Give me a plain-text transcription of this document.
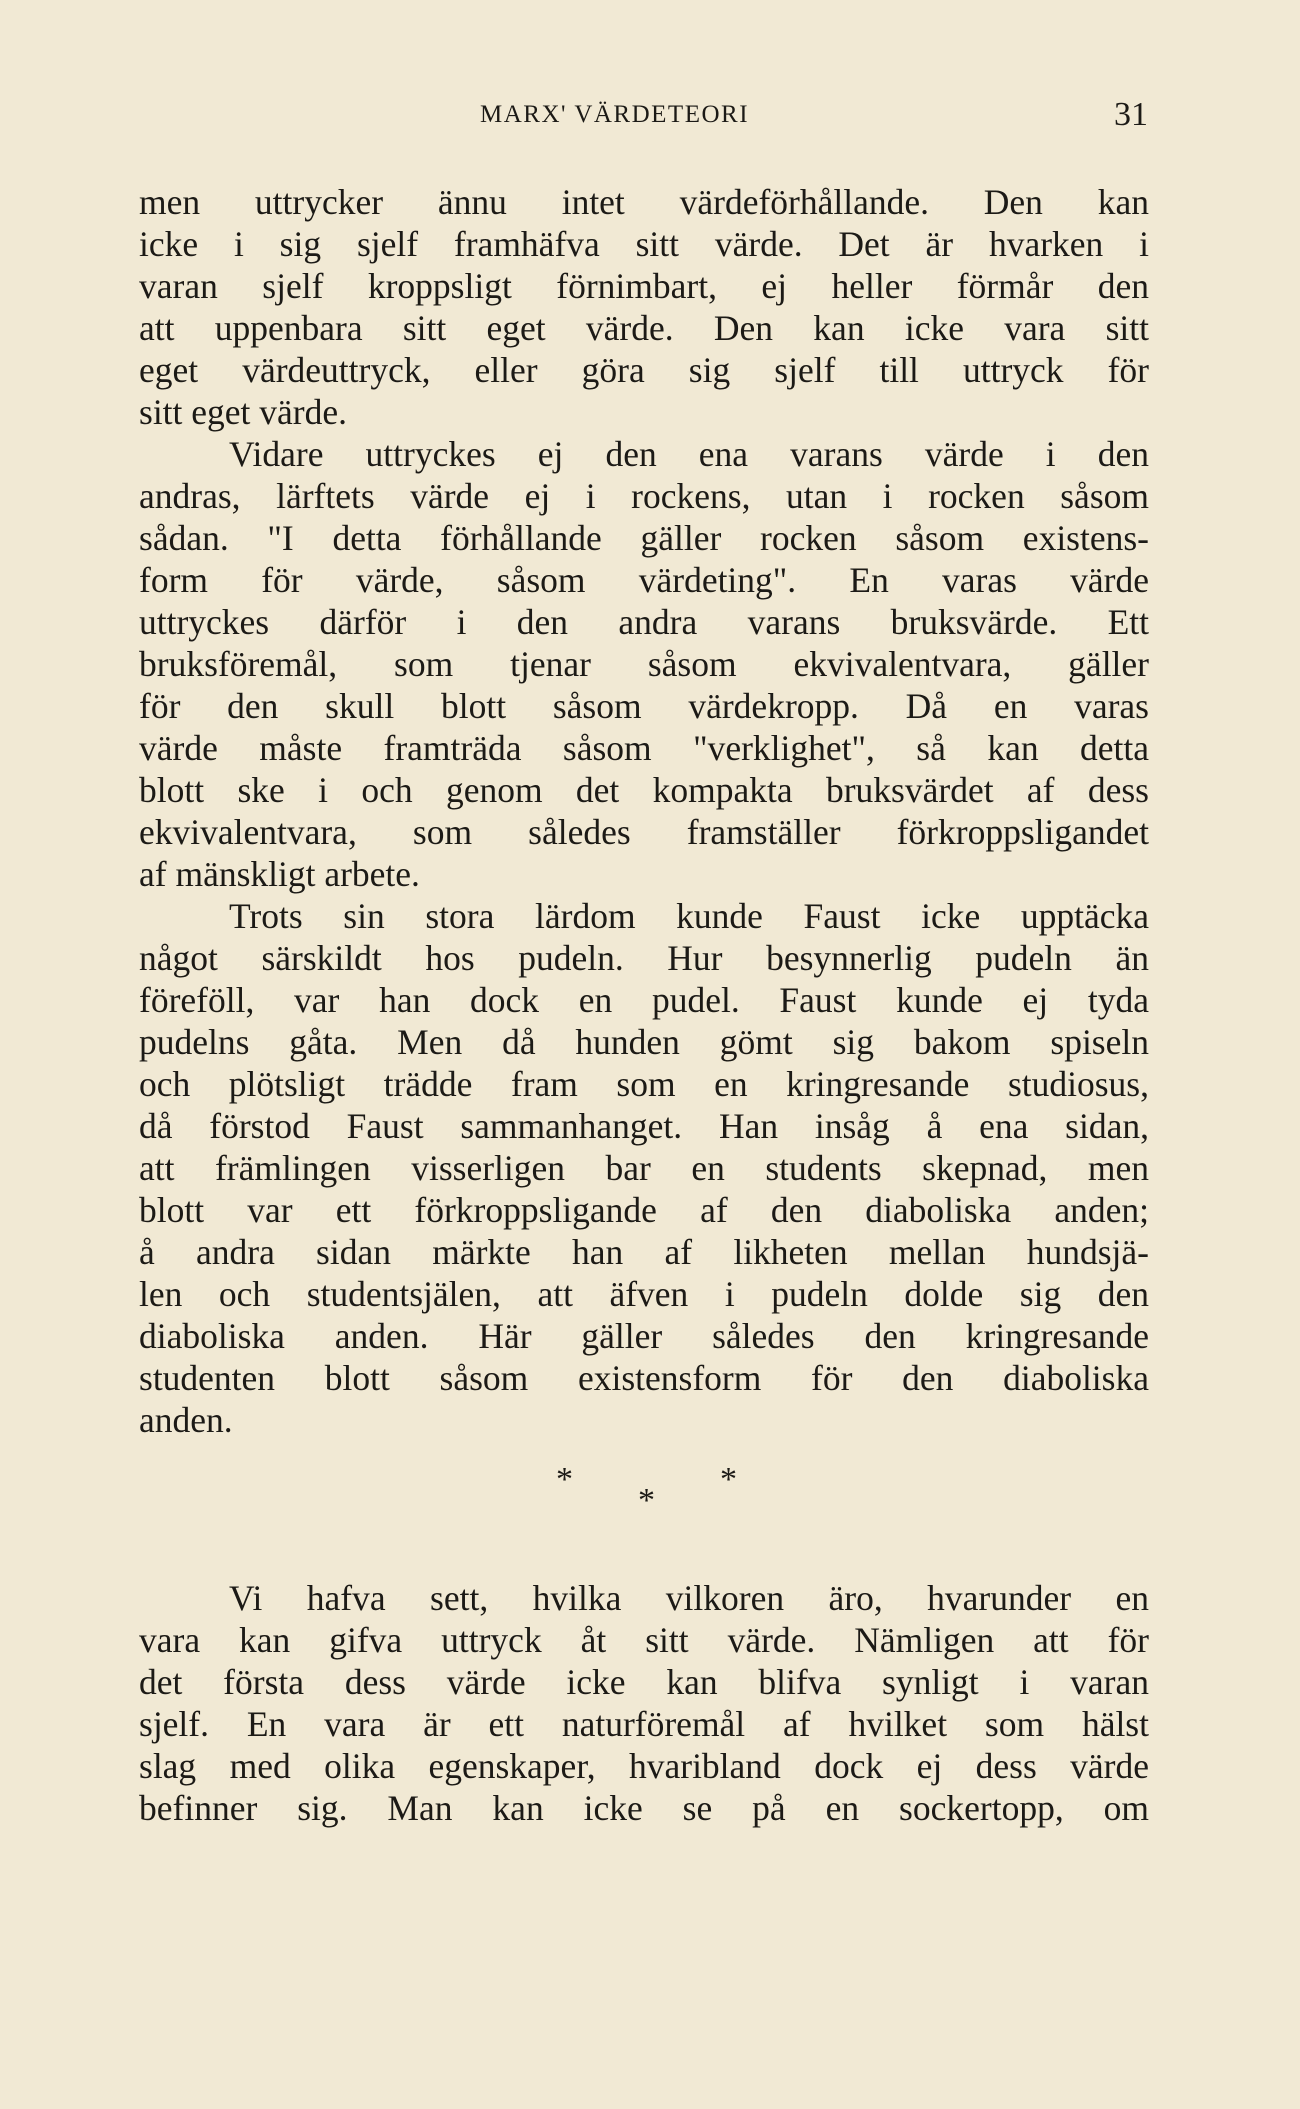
MARX' VÄRDETEORI	31
men uttrycker ännu intet värdeförhållande. Den kan
icke i sig sjelf framhäfva sitt värde. Det är hvarken i
varan sjelf kroppsligt förnimbart, ej heller förmår den
att uppenbara sitt eget värde. Den kan icke vara sitt
eget värdeuttryck, eller göra sig sjelf till uttryck för
sitt eget värde.
Vidare uttryckes ej den ena varans värde i den
andras, lärftets värde ej i rockens, utan i rocken såsom
sådan. "I detta förhållande gäller rocken såsom existens-
form för värde, såsom värdeting". En varas värde
uttryckes därför i den andra varans bruksvärde. Ett
bruksföremål, som tjenar såsom ekvivalentvara, gäller
för den skull blott såsom värdekropp. Då en varas
värde måste framträda såsom "verklighet", så kan detta
blott ske i och genom det kompakta bruksvärdet af dess
ekvivalentvara, som således framställer förkroppsligandet
af mänskligt arbete.
Trots sin stora lärdom kunde Faust icke upptäcka
något särskildt hos pudeln. Hur besynnerlig pudeln än
föreföll, var han dock en pudel. Faust kunde ej tyda
pudelns gåta. Men då hunden gömt sig bakom spiseln
och plötsligt trädde fram som en kringresande studiosus,
då förstod Faust sammanhanget. Han insåg å ena sidan,
att främlingen visserligen bar en students skepnad, men
blott var ett förkroppsligande af den diaboliska anden;
å andra sidan märkte han af likheten mellan hundsjä-
len och studentsjälen, att äfven i pudeln dolde sig den
diaboliska anden. Här gäller således den kringresande
studenten blott såsom existensform för den diaboliska
anden.
*	*
*
Vi hafva sett, hvilka vilkoren äro, hvarunder en
vara kan gifva uttryck åt sitt värde. Nämligen att för
det första dess värde icke kan blifva synligt i varan
sjelf. En vara är ett naturföremål af hvilket som hälst
slag med olika egenskaper, hvaribland dock ej dess värde
befinner sig. Man kan icke se på en sockertopp, om
